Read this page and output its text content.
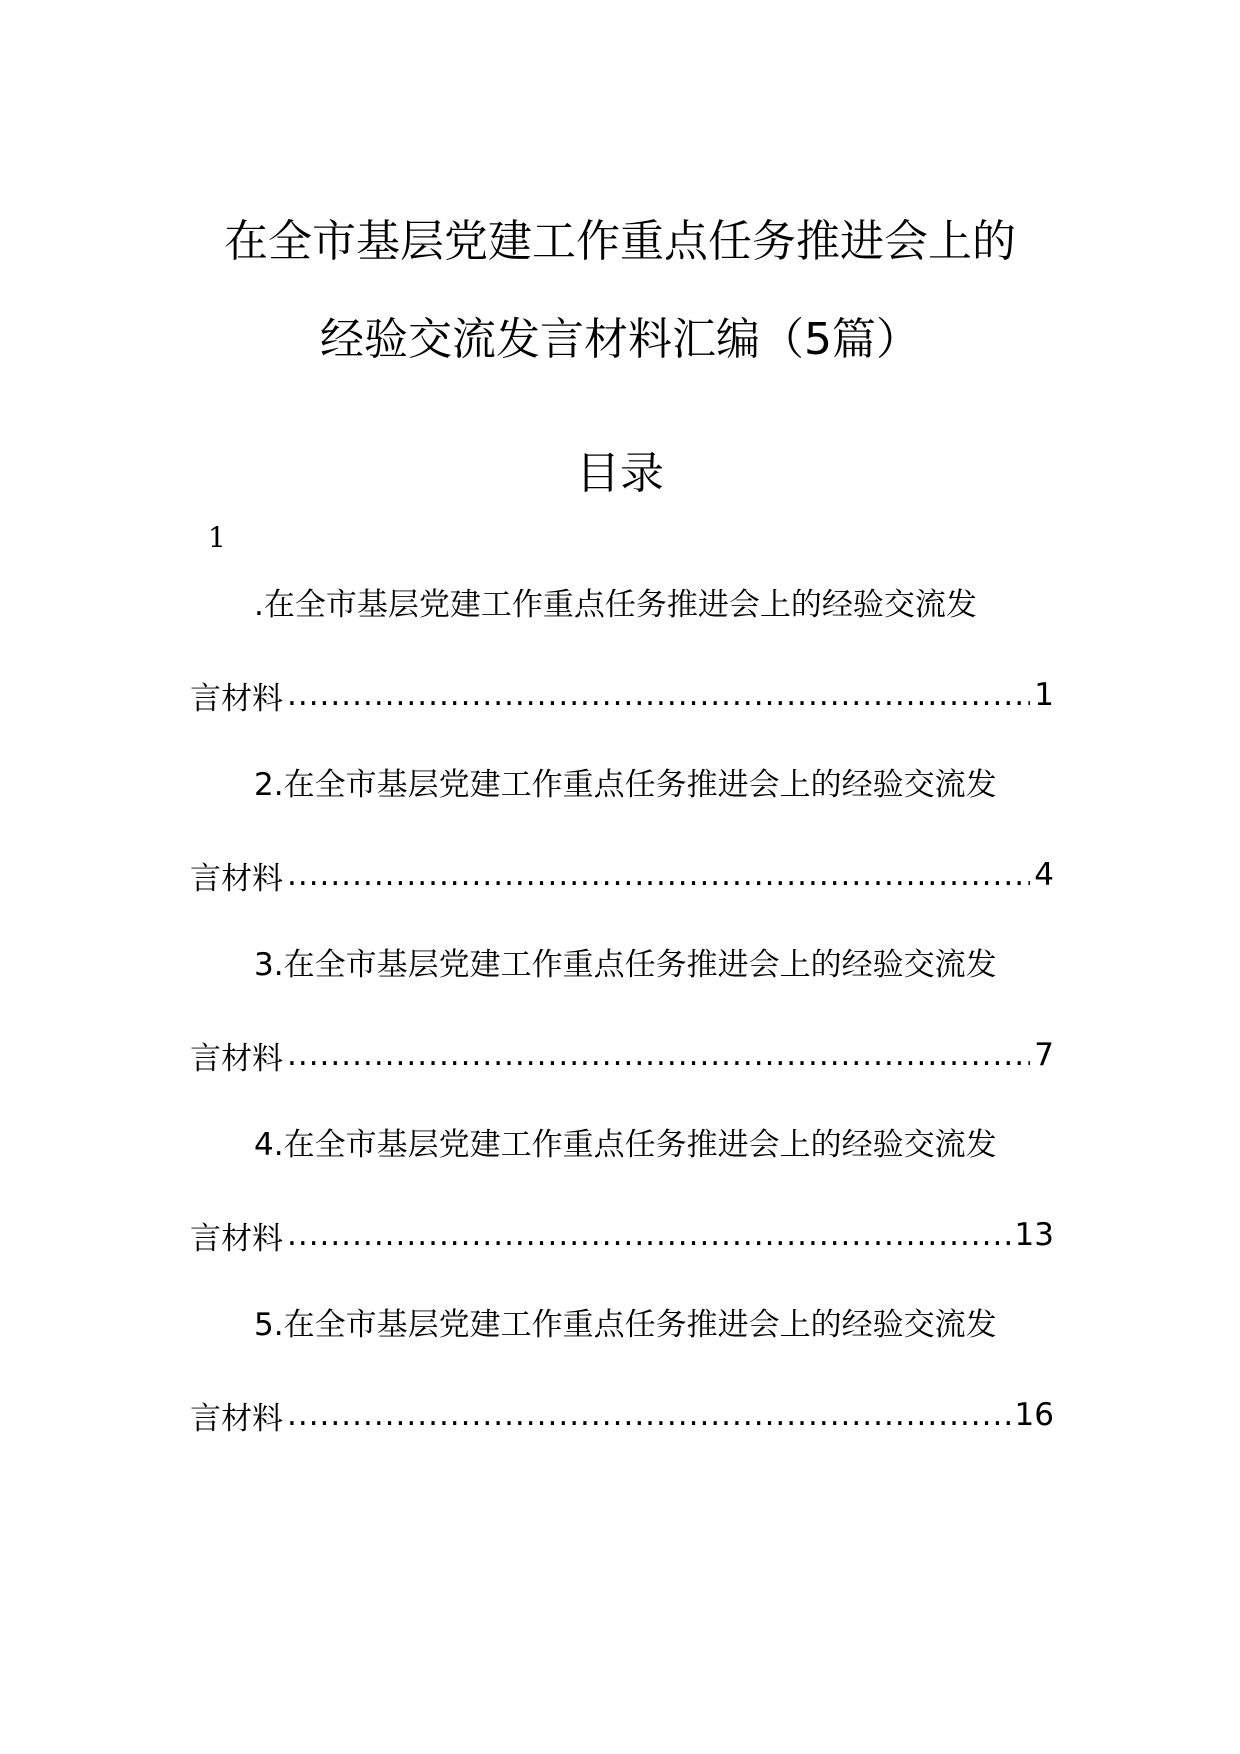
在全市基层党建工作重点任务推进会上的
经验交流发言材料汇编（5篇）
目录
1
.在全市基层党建工作重点任务推进会上的经验交流发
言材料 .....	1
2.在全市基层党建工作重点任务推进会上的经验交流发
言材料 .....	4
3.在全市基层党建工作重点任务推进会上的经验交流发
言材料 .....	7
4.在全市基层党建工作重点任务推进会上的经验交流发
言材料 .....	13
5.在全市基层党建工作重点任务推进会上的经验交流发
言材料 .....	16
